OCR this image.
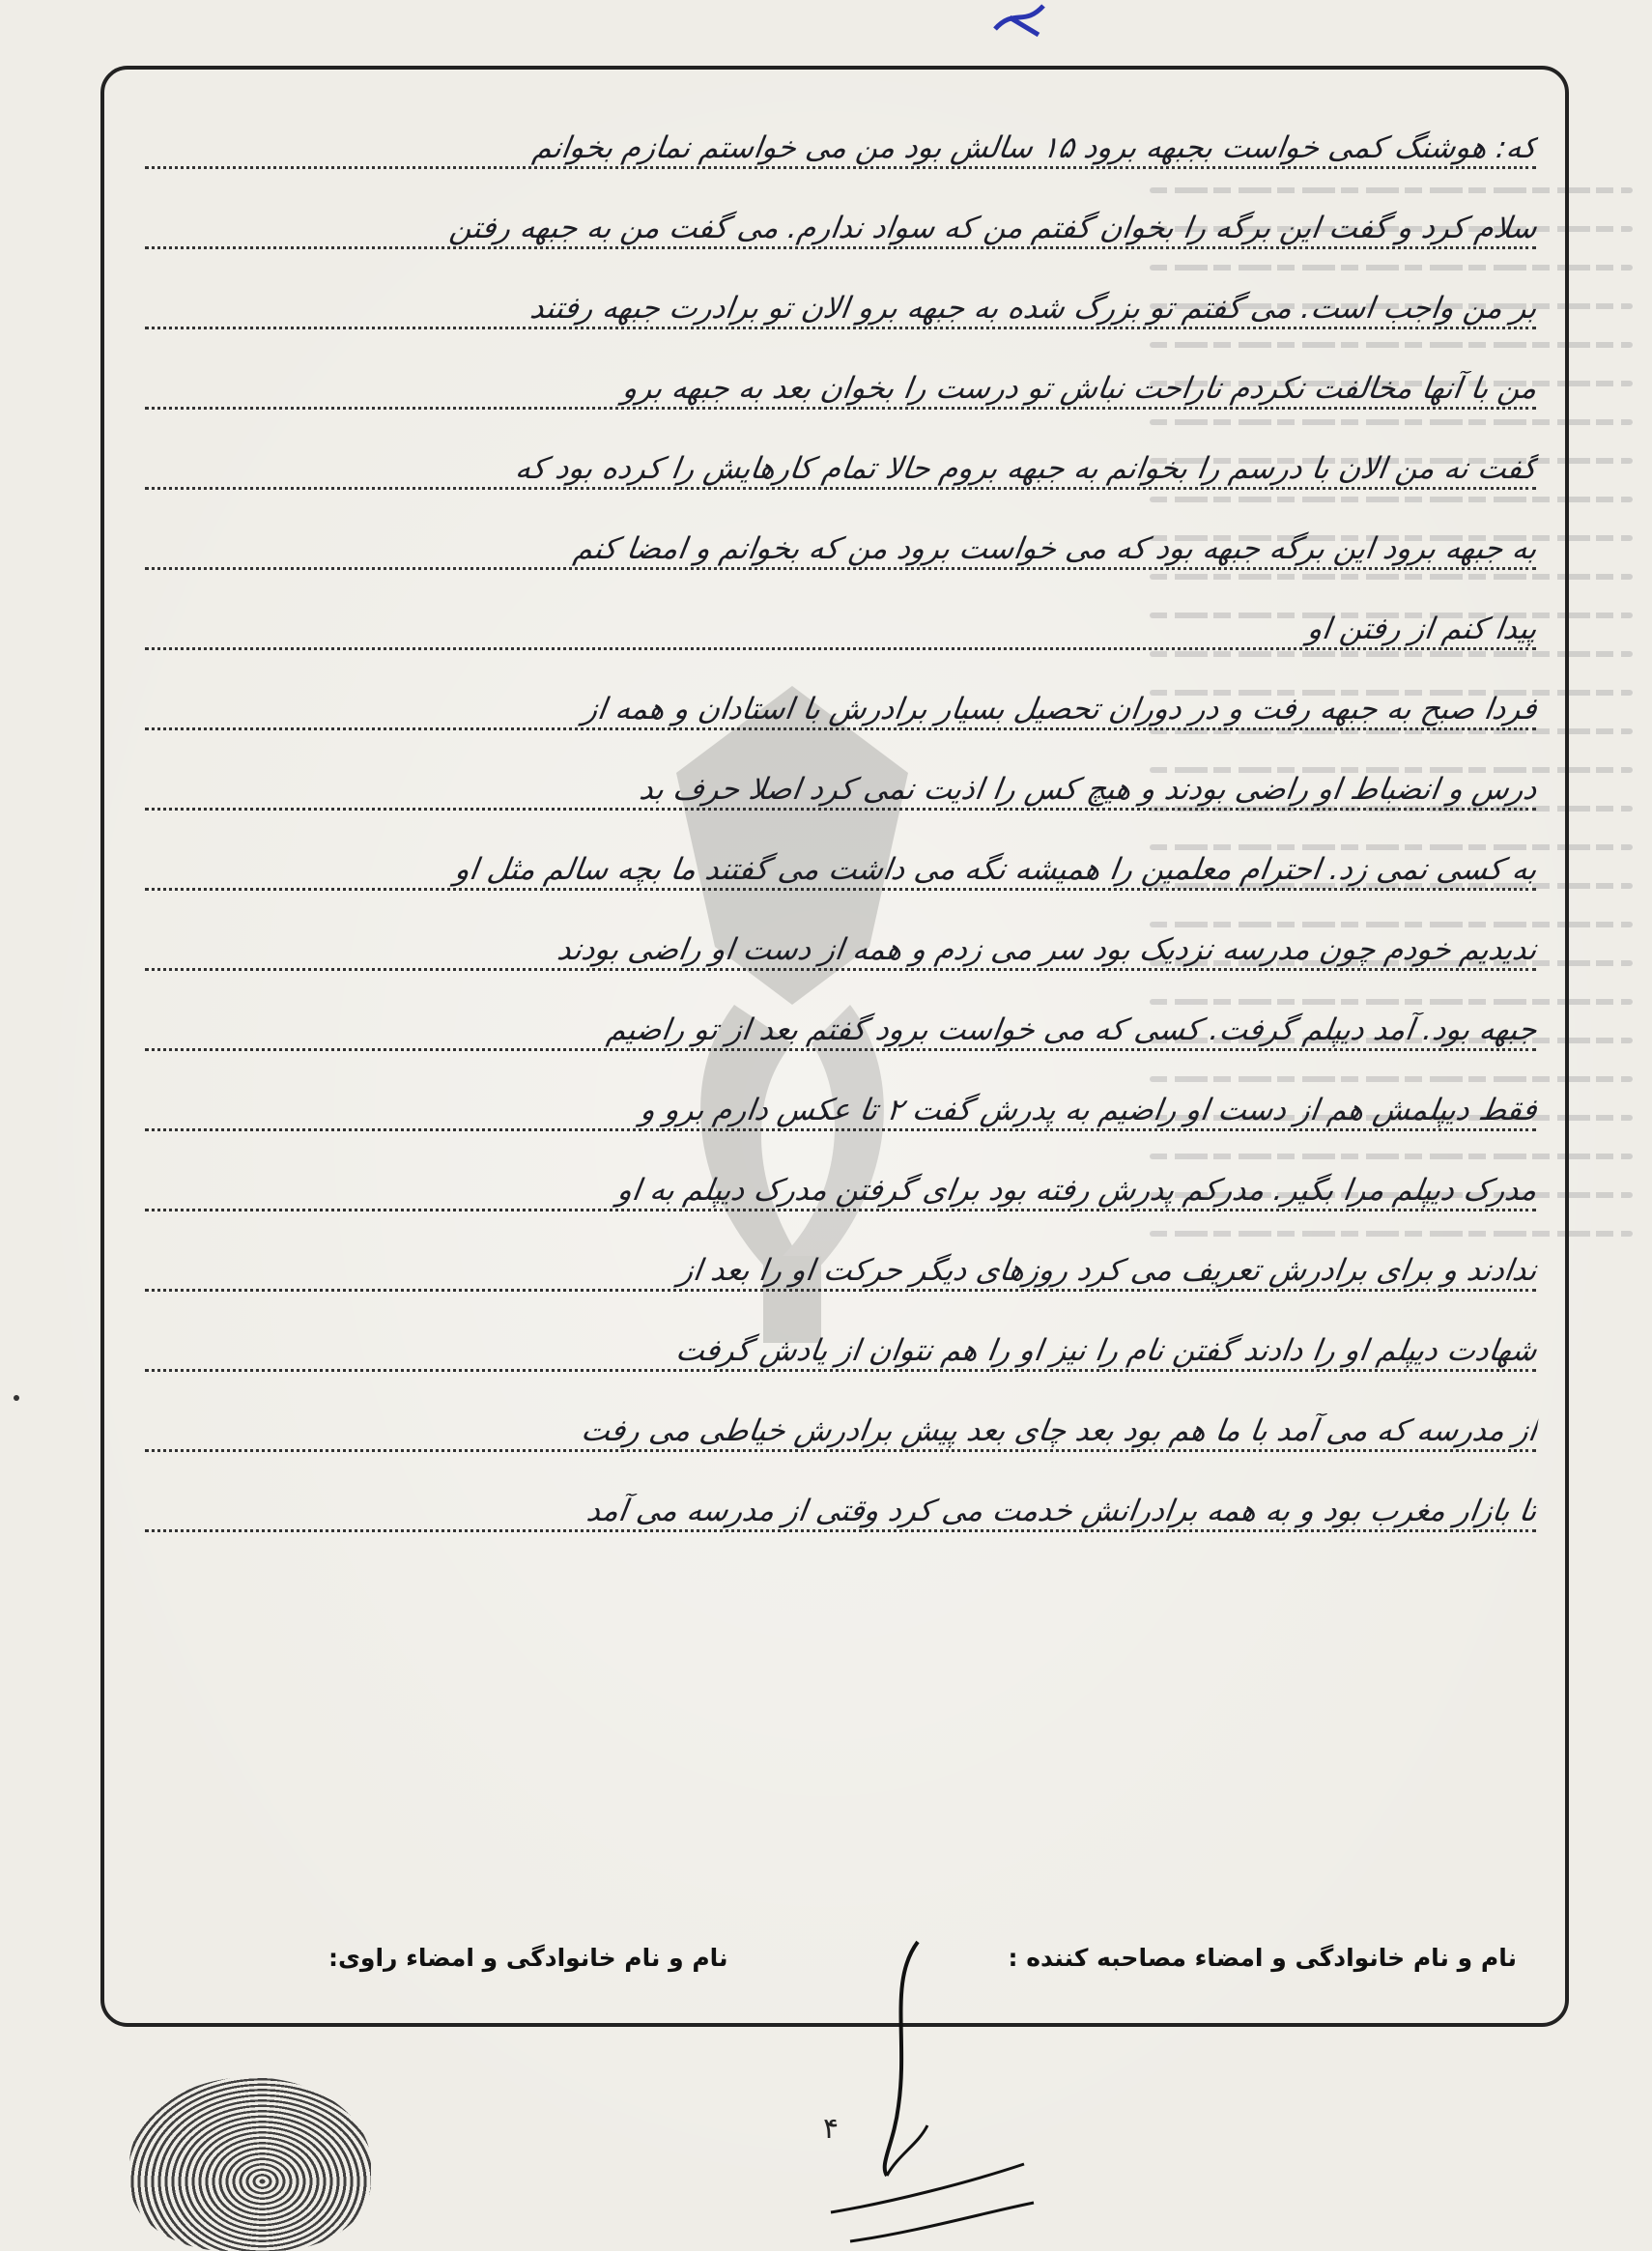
که: هوشنگ کمی خواست بجبهه برود ۱۵ سالش بود من می خواستم نمازم بخوانم
سلام کرد و گفت این برگه را بخوان گفتم من که سواد ندارم. می گفت من به جبهه رفتن
بر من واجب است. می گفتم تو بزرگ شده به جبهه برو الان تو برادرت جبهه رفتند
من با آنها مخالفت نکردم ناراحت نباش تو درست را بخوان بعد به جبهه برو
گفت نه من الان با درسم را بخوانم به جبهه بروم حالا تمام کارهایش را کرده بود که
به جبهه برود این برگه جبهه بود که می خواست برود من که بخوانم و امضا کنم
پیدا کنم از رفتن او
فردا صبح به جبهه رفت و در دوران تحصیل بسیار برادرش با استادان و همه از
درس و انضباط او راضی بودند و هیچ کس را اذیت نمی کرد اصلا حرف بد
به کسی نمی زد. احترام معلمین را همیشه نگه می داشت می گفتند ما بچه سالم مثل او
ندیدیم خودم چون مدرسه نزدیک بود سر می زدم و همه از دست او راضی بودند
جبهه بود. آمد دیپلم گرفت. کسی که می خواست برود گفتم بعد از تو راضیم
فقط دیپلمش هم از دست او راضیم به پدرش گفت ۲ تا عکس دارم برو و
مدرک دیپلم مرا بگیر. مدرکم پدرش رفته بود برای گرفتن مدرک دیپلم به او
ندادند و برای برادرش تعریف می کرد روزهای دیگر حرکت او را بعد از
شهادت دیپلم او را دادند گفتن نام را نیز او را هم نتوان از یادش گرفت
از مدرسه که می آمد با ما هم بود بعد چای بعد پیش برادرش خیاطی می رفت
تا بازار مغرب بود و به همه برادرانش خدمت می کرد وقتی از مدرسه می آمد
نام و نام خانوادگی و امضاء مصاحبه کننده :
نام و نام خانوادگی و امضاء راوی:
۴
